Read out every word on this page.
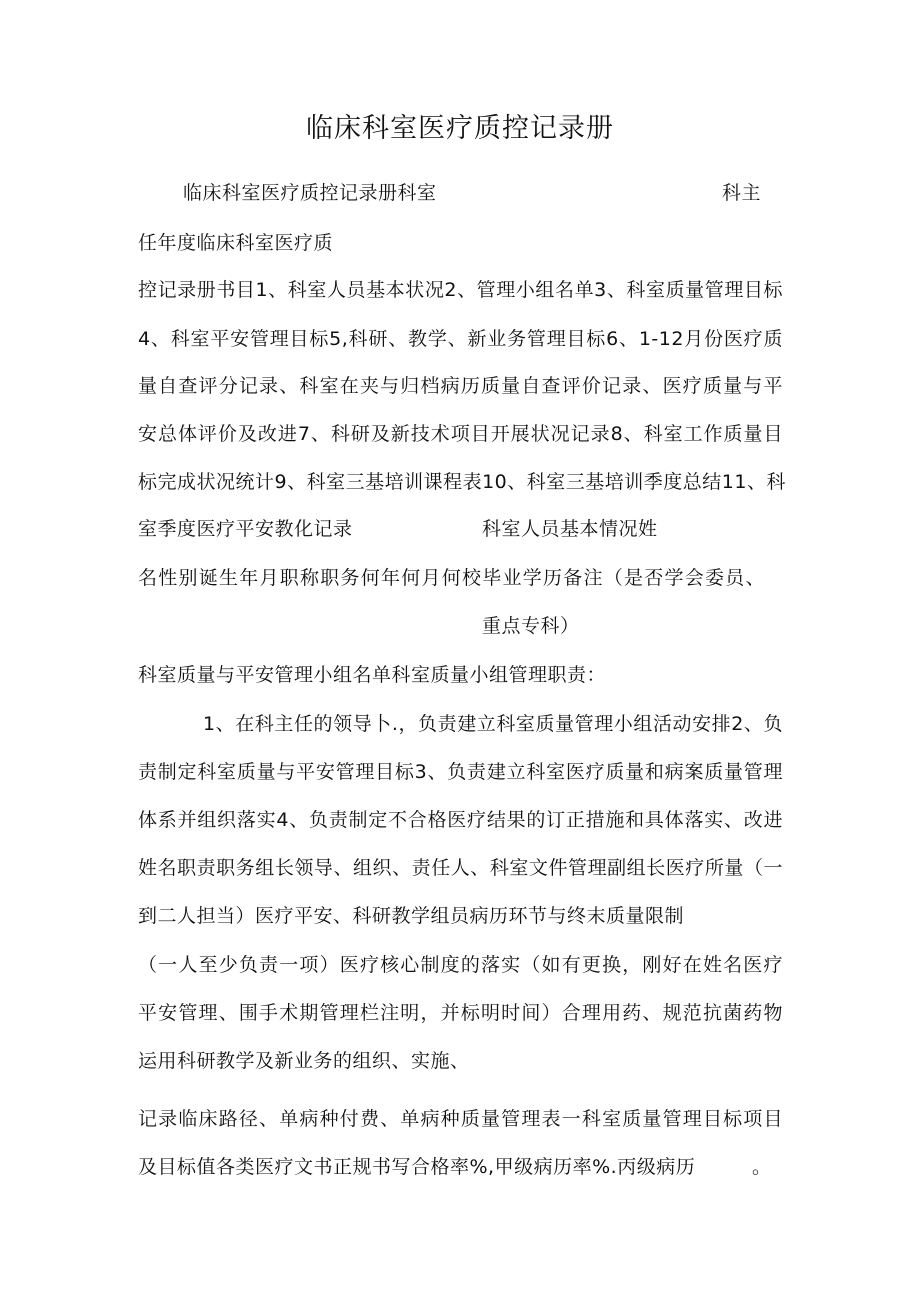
临床科室医疗质控记录册
临床科室医疗质控记录册科室	科主
任年度临床科室医疗质
控记录册书目1、科室人员基本状况2、管理小组名单3、科室质量管理目标
4、科室平安管理目标5,科研、教学、新业务管理目标6、1-12月份医疗质
量自查评分记录、科室在夹与归档病历质量自查评价记录、医疗质量与平
安总体评价及改进7、科研及新技术项目开展状况记录8、科室工作质量目
标完成状况统计9、科室三基培训课程表10、科室三基培训季度总结11、科
室季度医疗平安教化记录	科室人员基本情况姓
名性别诞生年月职称职务何年何月何校毕业学历备注（是否学会委员、
重点专科）
科室质量与平安管理小组名单科室质量小组管理职责：
1、在科主任的领导卜.，负责建立科室质量管理小组活动安排2、负
责制定科室质量与平安管理目标3、负责建立科室医疗质量和病案质量管理
体系并组织落实4、负责制定不合格医疗结果的订正措施和具体落实、改进
姓名职责职务组长领导、组织、责任人、科室文件管理副组长医疗所量（一
到二人担当）医疗平安、科研教学组员病历环节与终末质量限制
（一人至少负责一项）医疗核心制度的落实（如有更换，刚好在姓名医疗
平安管理、围手术期管理栏注明，并标明时间）合理用药、规范抗菌药物
运用科研教学及新业务的组织、实施、
记录临床路径、单病种付费、单病种质量管理表一科室质量管理目标项目
及目标值各类医疗文书正规书写合格率%,甲级病历率%.丙级病历	。
